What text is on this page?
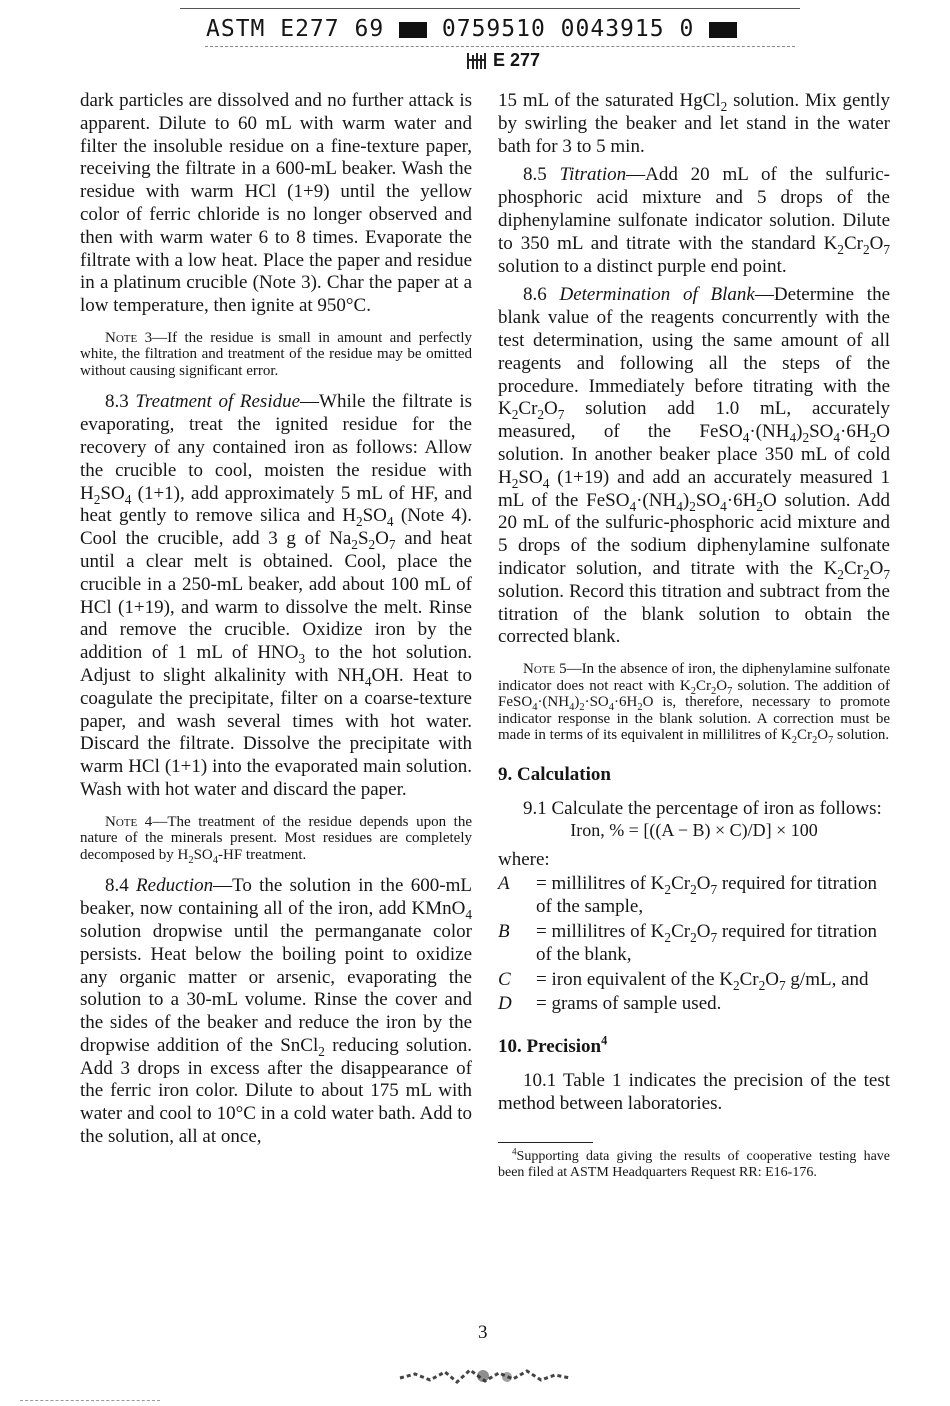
ASTM E277 69	0759510 0043915 0
E 277

dark particles are dissolved and no further attack is apparent. Dilute to 60 mL with warm water and filter the insoluble residue on a fine-texture paper, receiving the filtrate in a 600-mL beaker. Wash the residue with warm HCl (1+9) until the yellow color of ferric chloride is no longer observed and then with warm water 6 to 8 times. Evaporate the filtrate with a low heat. Place the paper and residue in a platinum crucible (Note 3). Char the paper at a low temperature, then ignite at 950°C.

Note 3—If the residue is small in amount and perfectly white, the filtration and treatment of the residue may be omitted without causing significant error.

8.3 Treatment of Residue—While the filtrate is evaporating, treat the ignited residue for the recovery of any contained iron as follows: Allow the crucible to cool, moisten the residue with $H_2SO_4$ (1+1), add approximately 5 mL of HF, and heat gently to remove silica and $H_2SO_4$ (Note 4). Cool the crucible, add 3 g of $Na_2S_2O_7$ and heat until a clear melt is obtained. Cool, place the crucible in a 250-mL beaker, add about 100 mL of HCl (1+19), and warm to dissolve the melt. Rinse and remove the crucible. Oxidize iron by the addition of 1 mL of $HNO_3$ to the hot solution. Adjust to slight alkalinity with $NH_4OH$. Heat to coagulate the precipitate, filter on a coarse-texture paper, and wash several times with hot water. Discard the filtrate. Dissolve the precipitate with warm HCl (1+1) into the evaporated main solution. Wash with hot water and discard the paper.

Note 4—The treatment of the residue depends upon the nature of the minerals present. Most residues are completely decomposed by $H_2SO_4-HF$ treatment.

8.4 Reduction—To the solution in the 600-mL beaker, now containing all of the iron, add KMnO$_4$ solution dropwise until the permanganate color persists. Heat below the boiling point to oxidize any organic matter or arsenic, evaporating the solution to a 30-mL volume. Rinse the cover and the sides of the beaker and reduce the iron by the dropwise addition of the SnCl$_2$ reducing solution. Add 3 drops in excess after the disappearance of the ferric iron color. Dilute to about 175 mL with water and cool to 10°C in a cold water bath. Add to the solution, all at once,

15 mL of the saturated HgCl$_2$ solution. Mix gently by swirling the beaker and let stand in the water bath for 3 to 5 min.

8.5 Titration—Add 20 mL of the sulfuric-phosphoric acid mixture and 5 drops of the diphenylamine sulfonate indicator solution. Dilute to 350 mL and titrate with the standard $K_2Cr_2O_7$ solution to a distinct purple end point.

8.6 Determination of Blank—Determine the blank value of the reagents concurrently with the test determination, using the same amount of all reagents and following all the steps of the procedure. Immediately before titrating with the $K_2Cr_2O_7$ solution add 1.0 mL, accurately measured, of the $FeSO_4\cdot(NH_4)_2SO_4\cdot 6H_2O$ solution. In another beaker place 350 mL of cold $H_2SO_4$ (1+19) and add an accurately measured 1 mL of the $FeSO_4\cdot(NH_4)_2SO_4\cdot 6H_2O$ solution. Add 20 mL of the sulfuric-phosphoric acid mixture and 5 drops of the sodium diphenylamine sulfonate indicator solution, and titrate with the $K_2Cr_2O_7$ solution. Record this titration and subtract from the titration of the blank solution to obtain the corrected blank.

Note 5—In the absence of iron, the diphenylamine sulfonate indicator does not react with $K_2Cr_2O_7$ solution. The addition of $FeSO_4\cdot(NH_4)_2\cdot SO_4\cdot 6H_2O$ is, therefore, necessary to promote indicator response in the blank solution. A correction must be made in terms of its equivalent in millilitres of $K_2Cr_2O_7$ solution.
9. Calculation

9.1 Calculate the percentage of iron as follows:

Iron, % = [((A − B) × C)/D] × 100
where:
A = millilitres of $K_2Cr_2O_7$ required for titration of the sample,
B = millilitres of $K_2Cr_2O_7$ required for titration of the blank,
C = iron equivalent of the $K_2Cr_2O_7$ g/mL, and
D = grams of sample used.
10. Precision$^4$

10.1 Table 1 indicates the precision of the test method between laboratories.

$^4$Supporting data giving the results of cooperative testing have been filed at ASTM Headquarters Request RR: E16-176.
3
